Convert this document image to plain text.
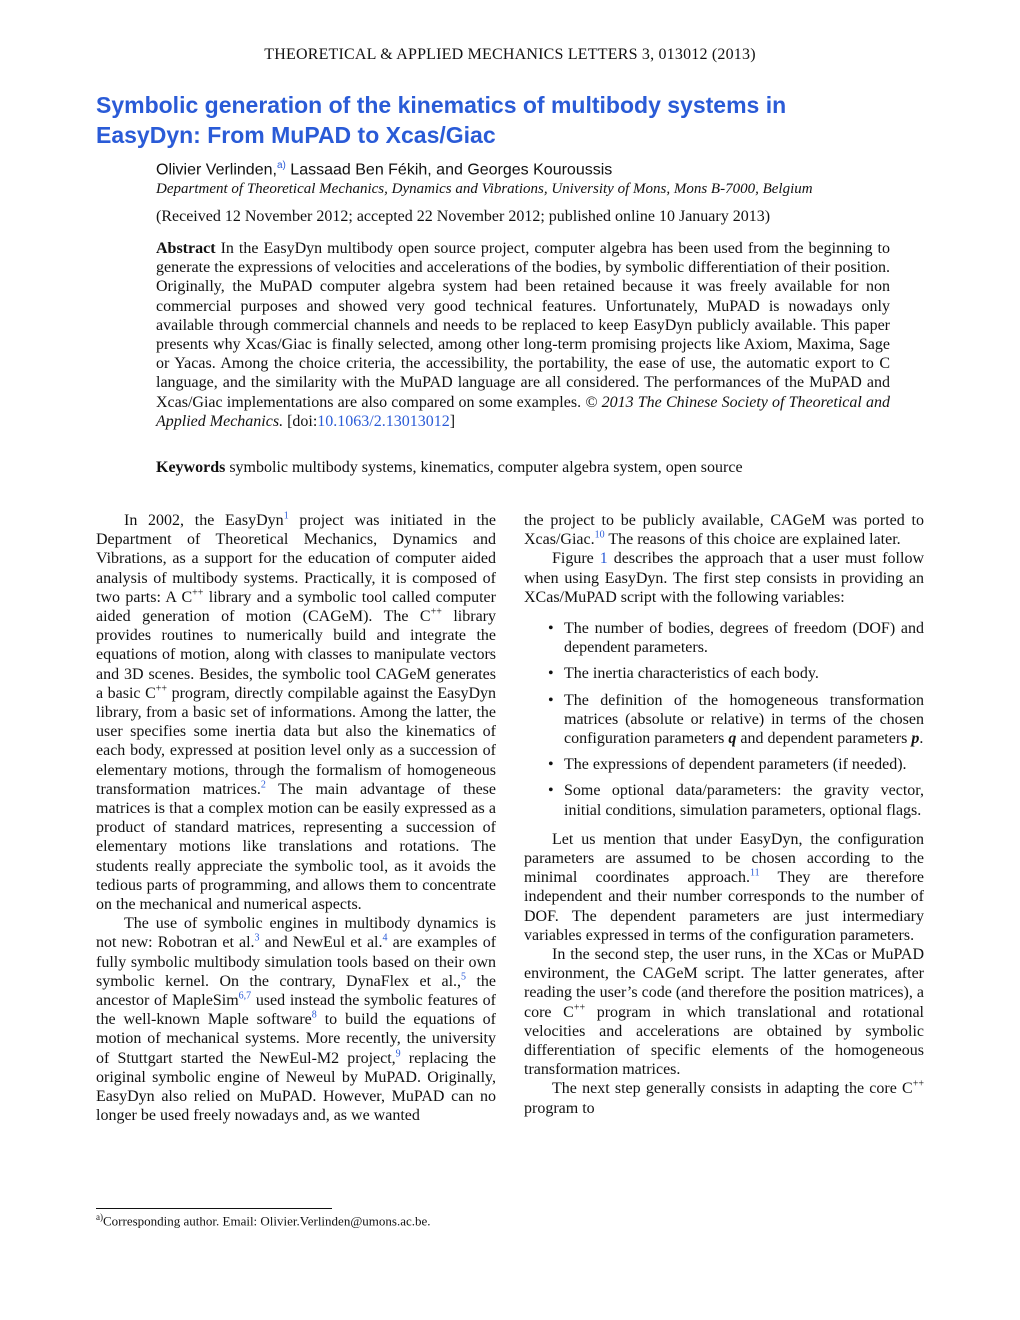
THEORETICAL & APPLIED MECHANICS LETTERS 3, 013012 (2013)
Symbolic generation of the kinematics of multibody systems in EasyDyn: From MuPAD to Xcas/Giac
Olivier Verlinden,$^{a)}$ Lassaad Ben Fékih, and Georges Kouroussis
Department of Theoretical Mechanics, Dynamics and Vibrations, University of Mons, Mons B-7000, Belgium
(Received 12 November 2012; accepted 22 November 2012; published online 10 January 2013)
Abstract In the EasyDyn multibody open source project, computer algebra has been used from the beginning to generate the expressions of velocities and accelerations of the bodies, by symbolic differentiation of their position. Originally, the MuPAD computer algebra system had been retained because it was freely available for non commercial purposes and showed very good technical features. Unfortunately, MuPAD is nowadays only available through commercial channels and needs to be replaced to keep EasyDyn publicly available. This paper presents why Xcas/Giac is finally selected, among other long-term promising projects like Axiom, Maxima, Sage or Yacas. Among the choice criteria, the accessibility, the portability, the ease of use, the automatic export to C language, and the similarity with the MuPAD language are all considered. The performances of the MuPAD and Xcas/Giac implementations are also compared on some examples. © 2013 The Chinese Society of Theoretical and Applied Mechanics. [doi:10.1063/2.1301301​2]
Keywords symbolic multibody systems, kinematics, computer algebra system, open source

In 2002, the EasyDyn$^1$ project was initiated in the Department of Theoretical Mechanics, Dynamics and Vibrations, as a support for the education of computer aided analysis of multibody systems. Practically, it is composed of two parts: A C++ library and a symbolic tool called computer aided generation of motion (CAGeM). The C++ library provides routines to numerically build and integrate the equations of motion, along with classes to manipulate vectors and 3D scenes. Besides, the symbolic tool CAGeM generates a basic C++ program, directly compilable against the EasyDyn library, from a basic set of informations. Among the latter, the user specifies some inertia data but also the kinematics of each body, expressed at position level only as a succession of elementary motions, through the formalism of homogeneous transformation matrices.$^2$ The main advantage of these matrices is that a complex motion can be easily expressed as a product of standard matrices, representing a succession of elementary motions like translations and rotations. The students really appreciate the symbolic tool, as it avoids the tedious parts of programming, and allows them to concentrate on the mechanical and numerical aspects.

The use of symbolic engines in multibody dynamics is not new: Robotran et al.$^3$ and NewEul et al.$^4$ are examples of fully symbolic multibody simulation tools based on their own symbolic kernel. On the contrary, DynaFlex et al.,$^5$ the ancestor of MapleSim$^{6,7}$ used instead the symbolic features of the well-known Maple software$^8$ to build the equations of motion of mechanical systems. More recently, the university of Stuttgart started the NewEul-M2 project,$^9$ replacing the original symbolic engine of Neweul by MuPAD. Originally, EasyDyn also relied on MuPAD. However, MuPAD can no longer be used freely nowadays and, as we wanted

the project to be publicly available, CAGeM was ported to Xcas/Giac.$^{10}$ The reasons of this choice are explained later.

Figure 1 describes the approach that a user must follow when using EasyDyn. The first step consists in providing an XCas/MuPAD script with the following variables:

• The number of bodies, degrees of freedom (DOF) and dependent parameters.
• The inertia characteristics of each body.
• The definition of the homogeneous transformation matrices (absolute or relative) in terms of the chosen configuration parameters q and dependent parameters p.
• The expressions of dependent parameters (if needed).
• Some optional data/parameters: the gravity vector, initial conditions, simulation parameters, optional flags.

Let us mention that under EasyDyn, the configuration parameters are assumed to be chosen according to the minimal coordinates approach.$^{11}$ They are therefore independent and their number corresponds to the number of DOF. The dependent parameters are just intermediary variables expressed in terms of the configuration parameters.

In the second step, the user runs, in the XCas or MuPAD environment, the CAGeM script. The latter generates, after reading the user’s code (and therefore the position matrices), a core C++ program in which translational and rotational velocities and accelerations are obtained by symbolic differentiation of specific elements of the homogeneous transformation matrices.

The next step generally consists in adapting the core C++ program to

$^{a)}$Corresponding author. Email: Olivier.Verlinden@umons.ac.be.
